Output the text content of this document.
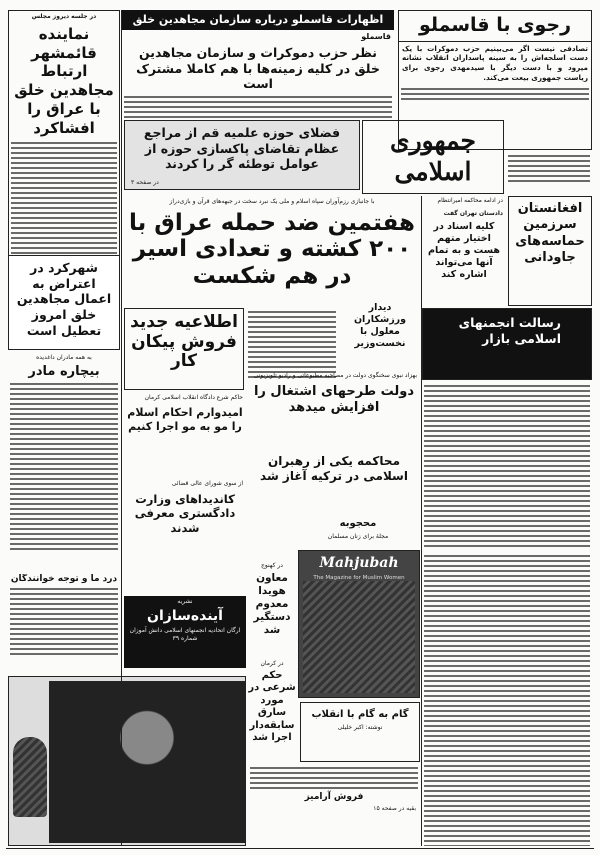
در جلسه دیروز مجلس
نماینده قائمشهر ارتباط مجاهدین خلق با عراق را افشاکرد
اظهارات قاسملو درباره سازمان مجاهدین خلق
قاسملو
نظر حزب دموکرات و سازمان مجاهدین خلق در کلیه زمینه‌ها با هم کاملا مشترک است
رجوی با قاسملو
تصادفی نیست اگر می‌بینیم حزب دموکرات با یک دست اسلحه‌اش را به سینه پاسداران انقلاب نشانه میرود و با دست دیگر با سیدمهدی رجوی برای ریاست جمهوری بیعت می‌کند.
فضلای حوزه علمیه قم از مراجع عظام تقاضای پاکسازی حوزه از عوامل توطئه گر را کردند
در صفحه ۳
جمهوری اسلامی
با جانبازی رزم‌آوران سپاه اسلام و ملی یک نبرد سخت در جبهه‌های قرآن و بازی‌دراز
هفتمین ضد حمله عراق با ۲۰۰ کشته و تعدادی اسیر در هم شکست
در ادامه محاکمه امیرانتظام
دادستان تهران گفت
کلیه اسناد در اختیار متهم هست و به تمام آنها می‌تواند اشاره کند
افغانستان سرزمین حماسه‌های جاودانی
شهرکرد در اعتراض به اعمال مجاهدین خلق امروز تعطیل است	اطلاعیه جدید فروش پیکان کار
دیدار ورزشکاران معلول با نخست‌وزیر
رسالت انجمنهای اسلامی بازار
به همه مادران داغدیده
بیچاره مادر	بهزاد نبوی سخنگوی دولت در مصاحبه مطبوعاتی و رادیو تلویزیونی
دولت طرحهای اشتغال را افزایش میدهد
حاکم شرع دادگاه انقلاب اسلامی کرمان
امیدوارم احکام اسلام را مو به مو اجرا کنیم
محاکمه یکی از رهبران اسلامی در ترکیه آغاز شد
از سوی شورای عالی قضائی
کاندیداهای وزارت دادگستری معرفی شدند	محجوبه
مجلهٔ برای زنان مسلمان
Mahjubah
The Magazine for Muslim Women
در کهنوج
معاون هویدا معدوم دستگیر شد
در کرمان
حکم شرعی در مورد سارق سابقه‌دار اجرا شد
نشریه
آینده‌سازان
ارگان اتحادیه انجمنهای اسلامی دانش آموزان شماره ۳۹
درد ما و توجه خوانندگان
گام به گام با انقلاب
نوشته: اکبر خلیلی
فروش آرامیز
بقیه در صفحه ۱۵
